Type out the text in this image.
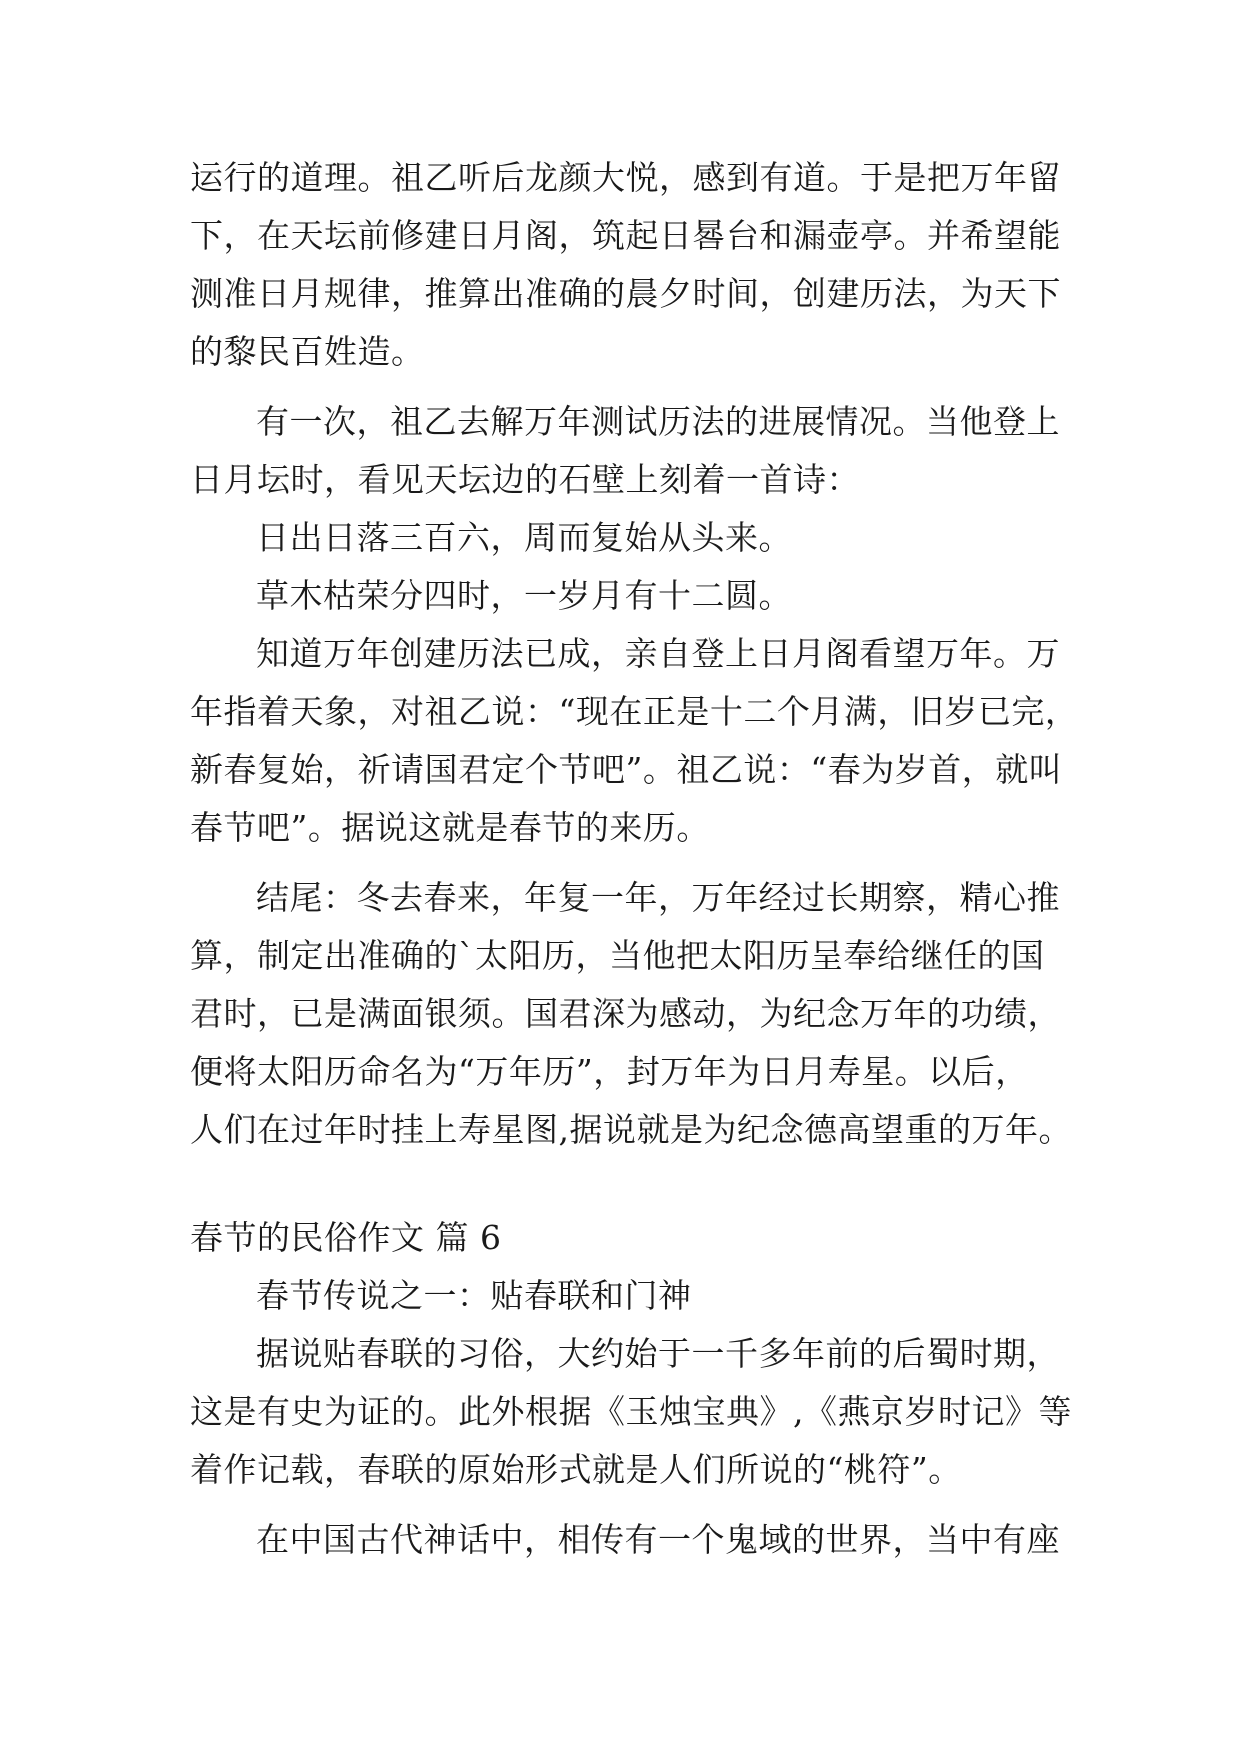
运行的道理。祖乙听后龙颜大悦，感到有道。于是把万年留
下，在天坛前修建日月阁，筑起日晷台和漏壶亭。并希望能
测准日月规律，推算出准确的晨夕时间，创建历法，为天下
的黎民百姓造。
有一次，祖乙去解万年测试历法的进展情况。当他登上
日月坛时，看见天坛边的石壁上刻着一首诗：
日出日落三百六，周而复始从头来。
草木枯荣分四时，一岁月有十二圆。
知道万年创建历法已成，亲自登上日月阁看望万年。万
年指着天象，对祖乙说：“现在正是十二个月满，旧岁已完，
新春复始，祈请国君定个节吧”。祖乙说：“春为岁首，就叫
春节吧”。据说这就是春节的来历。
结尾：冬去春来，年复一年，万年经过长期察，精心推
算，制定出准确的`太阳历，当他把太阳历呈奉给继任的国
君时，已是满面银须。国君深为感动，为纪念万年的功绩，
便将太阳历命名为“万年历”，封万年为日月寿星。以后，
人们在过年时挂上寿星图,据说就是为纪念德高望重的万年。
春节的民俗作文 篇 6
春节传说之一：贴春联和门神
据说贴春联的习俗，大约始于一千多年前的后蜀时期，
这是有史为证的。此外根据《玉烛宝典》,《燕京岁时记》等
着作记载，春联的原始形式就是人们所说的“桃符”。
在中国古代神话中，相传有一个鬼域的世界，当中有座
